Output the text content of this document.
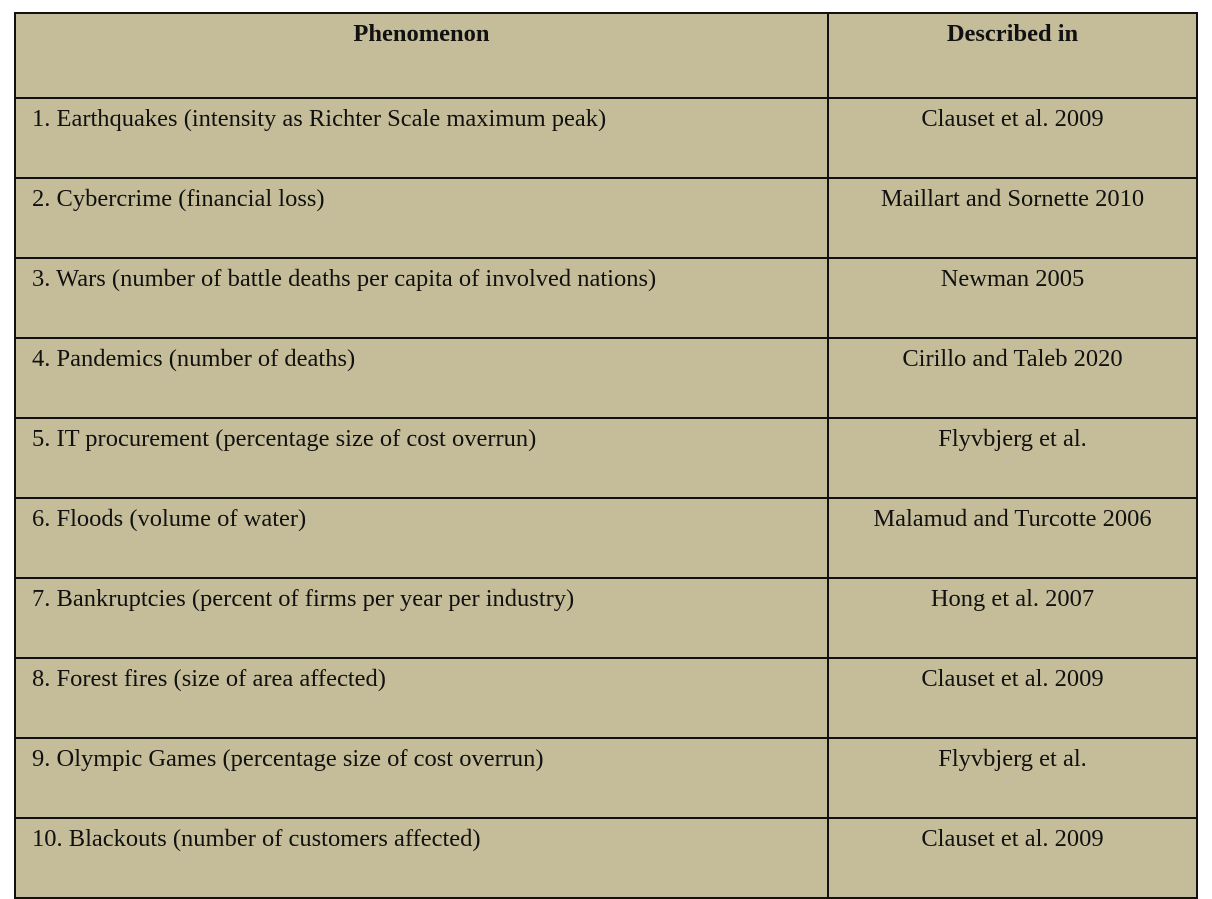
Phenomenon	Described in
1. Earthquakes (intensity as Richter Scale maximum peak)	Clauset et al. 2009
2. Cybercrime (financial loss)	Maillart and Sornette 2010
3. Wars (number of battle deaths per capita of involved nations)	Newman 2005
4. Pandemics (number of deaths)	Cirillo and Taleb 2020
5. IT procurement (percentage size of cost overrun)	Flyvbjerg et al.
6. Floods (volume of water)	Malamud and Turcotte 2006
7. Bankruptcies (percent of firms per year per industry)	Hong et al. 2007
8. Forest fires (size of area affected)	Clauset et al. 2009
9. Olympic Games (percentage size of cost overrun)	Flyvbjerg et al.
10. Blackouts (number of customers affected)	Clauset et al. 2009
